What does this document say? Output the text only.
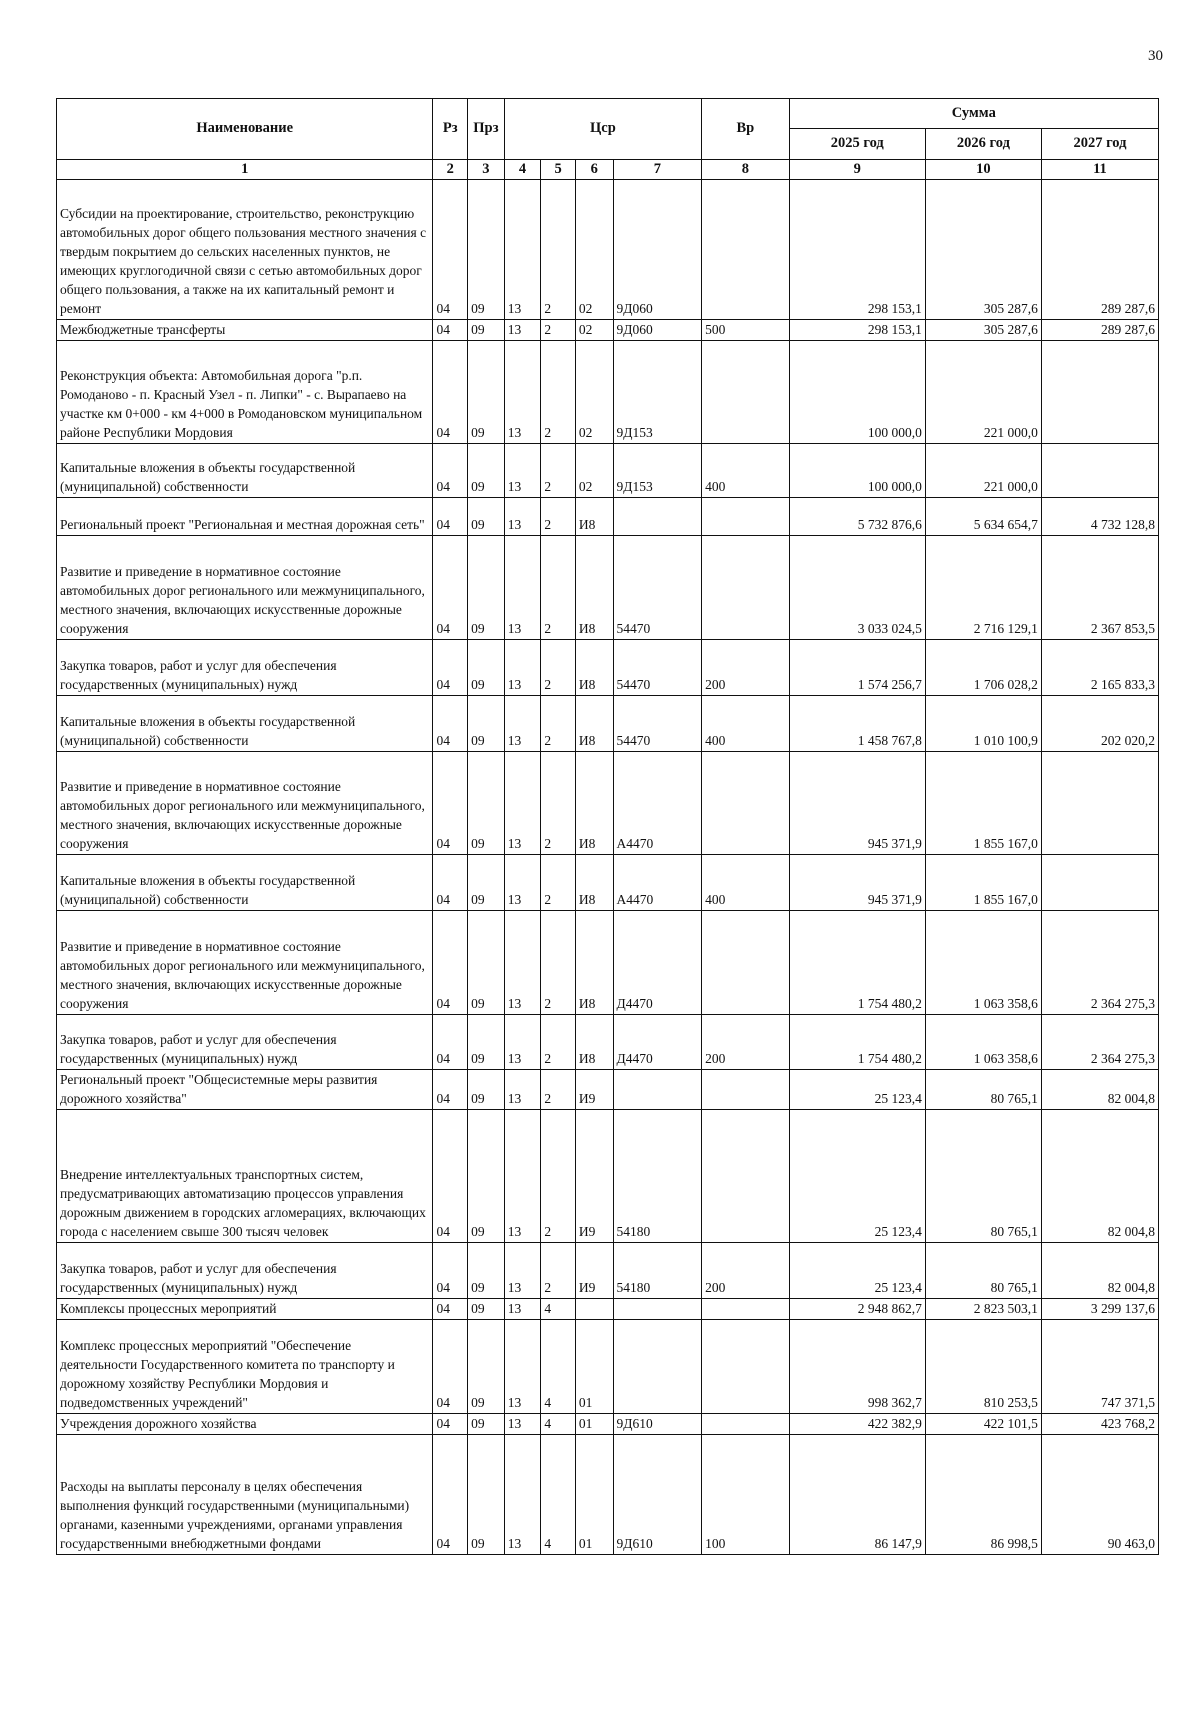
30
Наименование	Рз	Прз	Цср				Вр	Сумма		
								2025 год	2026 год	2027 год
1	2	3	4	5	6	7	8	9	10	11
Субсидии на проектирование, строительство, реконструкцию автомобильных дорог общего пользования местного значения с твердым покрытием до сельских населенных пунктов, не имеющих круглогодичной связи с сетью автомобильных дорог общего пользования, а также на их капитальный ремонт и ремонт	04	09	13	2	02	9Д060		298 153,1	305 287,6	289 287,6
Межбюджетные трансферты	04	09	13	2	02	9Д060	500	298 153,1	305 287,6	289 287,6
Реконструкция объекта: Автомобильная дорога "р.п. Ромоданово - п. Красный Узел - п. Липки" - с. Вырапаево на участке км 0+000 - км 4+000 в Ромодановском муниципальном районе Республики Мордовия	04	09	13	2	02	9Д153		100 000,0	221 000,0	
Капитальные вложения в объекты государственной (муниципальной) собственности	04	09	13	2	02	9Д153	400	100 000,0	221 000,0	
Региональный проект "Региональная и местная дорожная сеть"	04	09	13	2	И8			5 732 876,6	5 634 654,7	4 732 128,8
Развитие и приведение в нормативное состояние автомобильных дорог регионального или межмуниципального, местного значения, включающих искусственные дорожные сооружения	04	09	13	2	И8	54470		3 033 024,5	2 716 129,1	2 367 853,5
Закупка товаров, работ и услуг для обеспечения государственных (муниципальных) нужд	04	09	13	2	И8	54470	200	1 574 256,7	1 706 028,2	2 165 833,3
Капитальные вложения в объекты государственной (муниципальной) собственности	04	09	13	2	И8	54470	400	1 458 767,8	1 010 100,9	202 020,2
Развитие и приведение в нормативное состояние автомобильных дорог регионального или межмуниципального, местного значения, включающих искусственные дорожные сооружения	04	09	13	2	И8	А4470		945 371,9	1 855 167,0	
Капитальные вложения в объекты государственной (муниципальной) собственности	04	09	13	2	И8	А4470	400	945 371,9	1 855 167,0	
Развитие и приведение в нормативное состояние автомобильных дорог регионального или межмуниципального, местного значения, включающих искусственные дорожные сооружения	04	09	13	2	И8	Д4470		1 754 480,2	1 063 358,6	2 364 275,3
Закупка товаров, работ и услуг для обеспечения государственных (муниципальных) нужд	04	09	13	2	И8	Д4470	200	1 754 480,2	1 063 358,6	2 364 275,3
Региональный проект "Общесистемные меры развития дорожного хозяйства"	04	09	13	2	И9			25 123,4	80 765,1	82 004,8
Внедрение интеллектуальных транспортных систем, предусматривающих автоматизацию процессов управления дорожным движением в городских агломерациях, включающих города с населением свыше 300 тысяч человек	04	09	13	2	И9	54180		25 123,4	80 765,1	82 004,8
Закупка товаров, работ и услуг для обеспечения государственных (муниципальных) нужд	04	09	13	2	И9	54180	200	25 123,4	80 765,1	82 004,8
Комплексы процессных мероприятий	04	09	13	4				2 948 862,7	2 823 503,1	3 299 137,6
Комплекс процессных мероприятий "Обеспечение деятельности Государственного комитета по транспорту и дорожному хозяйству Республики Мордовия и подведомственных учреждений"	04	09	13	4	01			998 362,7	810 253,5	747 371,5
Учреждения дорожного хозяйства	04	09	13	4	01	9Д610		422 382,9	422 101,5	423 768,2
Расходы на выплаты персоналу в целях обеспечения выполнения функций государственными (муниципальными) органами, казенными учреждениями, органами управления государственными внебюджетными фондами	04	09	13	4	01	9Д610	100	86 147,9	86 998,5	90 463,0
